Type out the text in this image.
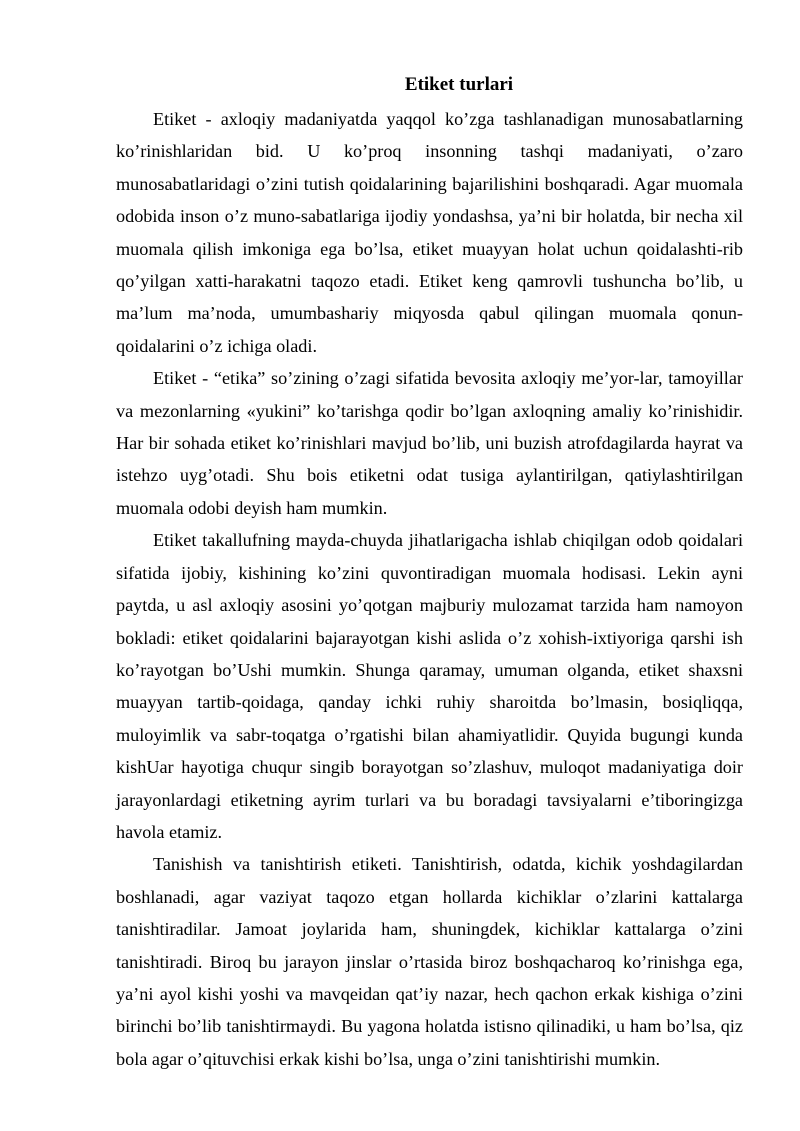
Etiket turlari

Etiket - axloqiy madaniyatda yaqqol ko’zga tashlanadigan munosabatlarning ko’rinishlaridan bid. U ko’proq insonning tashqi madaniyati, o’zaro munosabatlaridagi o’zini tutish qoidalarining bajarilishini boshqaradi. Agar muomala odobida inson o’z muno-sabatlariga ijodiy yondashsa, ya’ni bir holatda, bir necha xil muomala qilish imkoniga ega bo’lsa, etiket muayyan holat uchun qoidalashti-rib qo’yilgan xatti-harakatni taqozo etadi. Etiket keng qamrovli tushuncha bo’lib, u ma’lum ma’noda, umumbashariy miqyosda qabul qilingan muomala qonun-qoidalarini o’z ichiga oladi.

Etiket - “etika” so’zining o’zagi sifatida bevosita axloqiy me’yor-lar, tamoyillar va mezonlarning «yukini” ko’tarishga qodir bo’lgan axloqning amaliy ko’rinishidir. Har bir sohada etiket ko’rinishlari mavjud bo’lib, uni buzish atrofdagilarda hayrat va istehzo uyg’otadi. Shu bois etiketni odat tusiga aylantirilgan, qatiylashtirilgan muomala odobi deyish ham mumkin.

Etiket takallufning mayda-chuyda jihatlarigacha ishlab chiqilgan odob qoidalari sifatida ijobiy, kishining ko’zini quvontiradigan muomala hodisasi. Lekin ayni paytda, u asl axloqiy asosini yo’qotgan majburiy mulozamat tarzida ham namoyon bokladi: etiket qoidalarini bajarayotgan kishi aslida o’z xohish-ixtiyoriga qarshi ish ko’rayotgan bo’Ushi mumkin. Shunga qaramay, umuman olganda, etiket shaxsni muayyan tartib-qoidaga, qanday ichki ruhiy sharoitda bo’lmasin, bosiqliqqa, muloyimlik va sabr-toqatga o’rgatishi bilan ahamiyatlidir. Quyida bugungi kunda kishUar hayotiga chuqur singib borayotgan so’zlashuv, muloqot madaniyatiga doir jarayonlardagi etiketning ayrim turlari va bu boradagi tavsiyalarni e’tiboringizga havola etamiz.

Tanishish va tanishtirish etiketi. Tanishtirish, odatda, kichik yoshdagilardan boshlanadi, agar vaziyat taqozo etgan hollarda kichiklar o’zlarini kattalarga tanishtiradilar. Jamoat joylarida ham, shuningdek, kichiklar kattalarga o’zini tanishtiradi. Biroq bu jarayon jinslar o’rtasida biroz boshqacharoq ko’rinishga ega, ya’ni ayol kishi yoshi va mavqeidan qat’iy nazar, hech qachon erkak kishiga o’zini birinchi bo’lib tanishtirmaydi. Bu yagona holatda istisno qilinadiki, u ham bo’lsa, qiz bola agar o’qituvchisi erkak kishi bo’lsa, unga o’zini tanishtirishi mumkin.
